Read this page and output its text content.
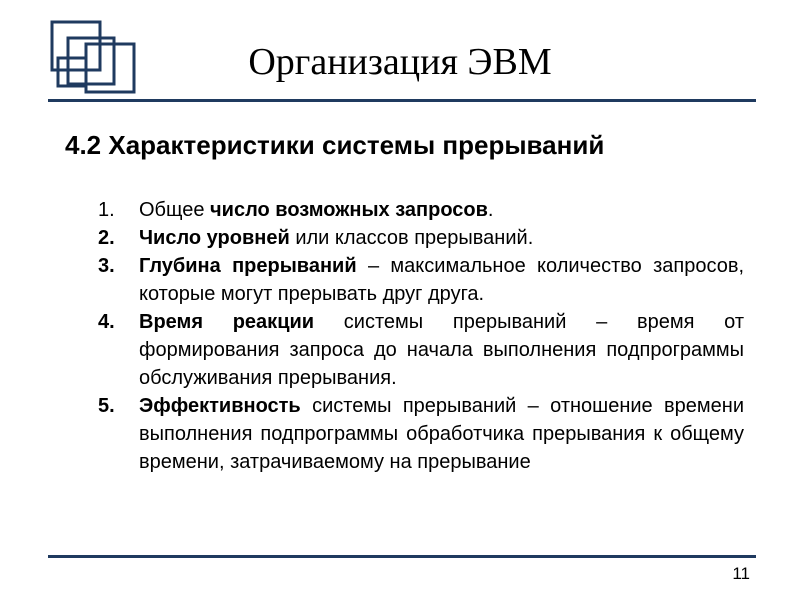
Организация ЭВМ
4.2 Характеристики системы прерываний
1. Общее число возможных запросов.
2. Число уровней или классов прерываний.
3. Глубина прерываний – максимальное количество запросов, которые могут прерывать друг друга.
4. Время реакции системы прерываний – время от формирования запроса до начала выполнения подпрограммы обслуживания прерывания.
5. Эффективность системы прерываний – отношение времени выполнения подпрограммы обработчика прерывания к общему времени, затрачиваемому на прерывание
11
